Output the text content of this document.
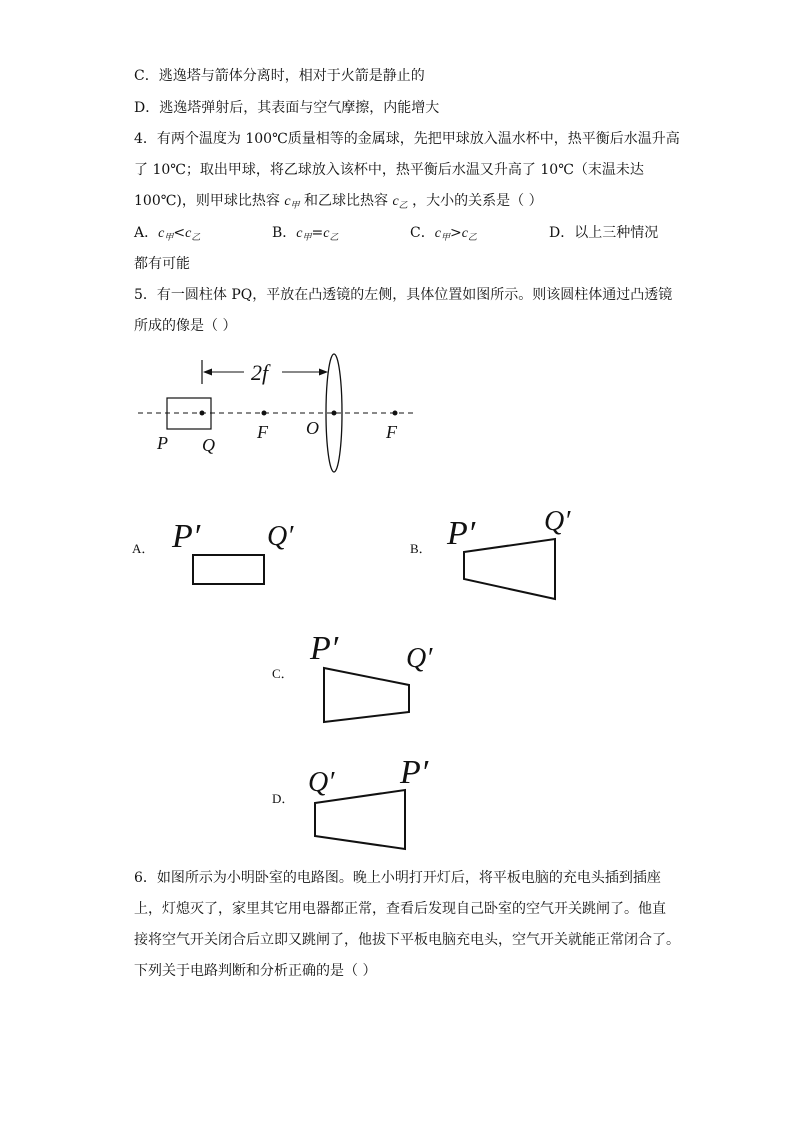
C．逃逸塔与箭体分离时，相对于火箭是静止的
D．逃逸塔弹射后，其表面与空气摩擦，内能增大
4．有两个温度为 100℃质量相等的金属球，先把甲球放入温水杯中，热平衡后水温升高
了 10℃；取出甲球，将乙球放入该杯中，热平衡后水温又升高了 10℃（末温未达
100℃)，则甲球比热容 $c_甲$ 和乙球比热容 $c_乙$ ，大小的关系是（ ）
A．$c_甲<c_乙$	B．$c_甲=c_乙$	C．$c_甲>c_乙$	D．以上三种情况
都有可能
5．有一圆柱体 PQ，平放在凸透镜的左侧，具体位置如图所示。则该圆柱体通过凸透镜
所成的像是（ ）
2f
P Q
F O	F
A． P′ Q′	B． P′ Q′
C．
P′ Q′
D．
Q′ P′
6．如图所示为小明卧室的电路图。晚上小明打开灯后，将平板电脑的充电头插到插座
上，灯熄灭了，家里其它用电器都正常，查看后发现自己卧室的空气开关跳闸了。他直
接将空气开关闭合后立即又跳闸了，他拔下平板电脑充电头，空气开关就能正常闭合了。
下列关于电路判断和分析正确的是（ ）
